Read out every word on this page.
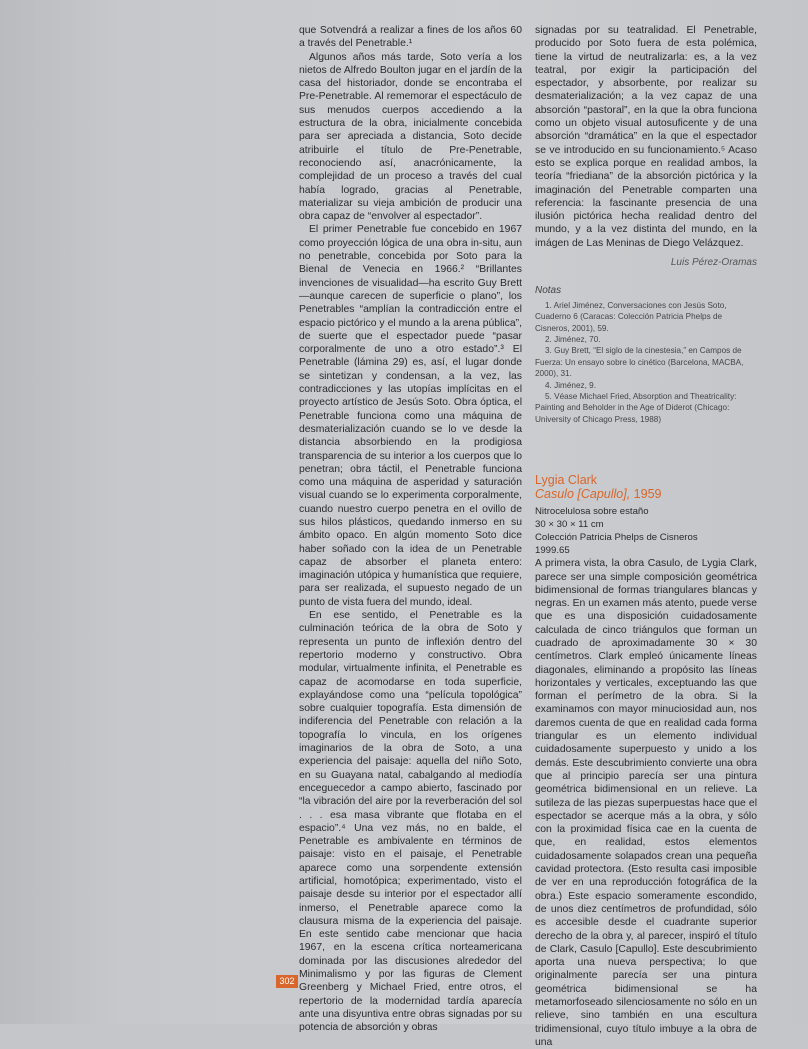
que Sotvendrá a realizar a fines de los años 60 a través del Penetrable.¹

Algunos años más tarde, Soto vería a los nietos de Alfredo Boulton jugar en el jardín de la casa del historiador, donde se encontraba el Pre-Penetrable. Al rememorar el espectáculo de sus menudos cuerpos accediendo a la estructura de la obra, inicialmente concebida para ser apreciada a distancia, Soto decide atribuirle el título de Pre-Penetrable, reconociendo así, anacrónicamente, la complejidad de un proceso a través del cual había logrado, gracias al Penetrable, materializar su vieja ambición de producir una obra capaz de “envolver al espectador”.

El primer Penetrable fue concebido en 1967 como proyección lógica de una obra in-situ, aun no penetrable, concebida por Soto para la Bienal de Venecia en 1966.² “Brillantes invenciones de visualidad—ha escrito Guy Brett—aunque carecen de superficie o plano”, los Penetrables “amplían la contradicción entre el espacio pictórico y el mundo a la arena pública”, de suerte que el espectador puede “pasar corporalmente de uno a otro estado”.³ El Penetrable (lámina 29) es, así, el lugar donde se sintetizan y condensan, a la vez, las contradicciones y las utopías implícitas en el proyecto artístico de Jesús Soto. Obra óptica, el Penetrable funciona como una máquina de desmaterialización cuando se lo ve desde la distancia absorbiendo en la prodigiosa transparencia de su interior a los cuerpos que lo penetran; obra táctil, el Penetrable funciona como una máquina de asperidad y saturación visual cuando se lo experimenta corporalmente, cuando nuestro cuerpo penetra en el ovillo de sus hilos plásticos, quedando inmerso en su ámbito opaco. En algún momento Soto dice haber soñado con la idea de un Penetrable capaz de absorber el planeta entero: imaginación utópica y humanística que requiere, para ser realizada, el supuesto negado de un punto de vista fuera del mundo, ideal.

En ese sentido, el Penetrable es la culminación teórica de la obra de Soto y representa un punto de inflexión dentro del repertorio moderno y constructivo. Obra modular, virtualmente infinita, el Penetrable es capaz de acomodarse en toda superficie, explayándose como una “película topológica” sobre cualquier topografía. Esta dimensión de indiferencia del Penetrable con relación a la topografía lo vincula, en los orígenes imaginarios de la obra de Soto, a una experiencia del paisaje: aquella del niño Soto, en su Guayana natal, cabalgando al mediodía enceguecedor a campo abierto, fascinado por “la vibración del aire por la reverberación del sol . . . esa masa vibrante que flotaba en el espacio”.⁴ Una vez más, no en balde, el Penetrable es ambivalente en términos de paisaje: visto en el paisaje, el Penetrable aparece como una sorpendente extensión artificial, homotópica; experimentado, visto el paisaje desde su interior por el espectador allí inmerso, el Penetrable aparece como la clausura misma de la experiencia del paisaje. En este sentido cabe mencionar que hacia 1967, en la escena crítica norteamericana dominada por las discusiones alrededor del Minimalismo y por las figuras de Clement Greenberg y Michael Fried, entre otros, el repertorio de la modernidad tardía aparecía ante una disyuntiva entre obras signadas por su potencia de absorción y obras

signadas por su teatralidad. El Penetrable, producido por Soto fuera de esta polémica, tiene la virtud de neutralizarla: es, a la vez teatral, por exigir la participación del espectador, y absorbente, por realizar su desmaterialización; a la vez capaz de una absorción “pastoral”, en la que la obra funciona como un objeto visual autosuficente y de una absorción “dramática” en la que el espectador se ve introducido en su funcionamiento.⁵ Acaso esto se explica porque en realidad ambos, la teoría “friediana” de la absorción pictórica y la imaginación del Penetrable comparten una referencia: la fascinante presencia de una ilusión pictórica hecha realidad dentro del mundo, y a la vez distinta del mundo, en la imágen de Las Meninas de Diego Velázquez.

Luis Pérez-Oramas
Notas

1. Ariel Jiménez, Conversaciones con Jesús Soto, Cuaderno 6 (Caracas: Colección Patricia Phelps de Cisneros, 2001), 59.

2. Jiménez, 70.

3. Guy Brett, “El siglo de la cinestesia,” en Campos de Fuerza: Un ensayo sobre lo cinético (Barcelona, MACBA, 2000), 31.

4. Jiménez, 9.

5. Véase Michael Fried, Absorption and Theatricality: Painting and Beholder in the Age of Diderot (Chicago: University of Chicago Press, 1988)

Lygia Clark
Casulo [Capullo], 1959
Nitrocelulosa sobre estaño
30 × 30 × 11 cm
Colección Patricia Phelps de Cisneros
1999.65

A primera vista, la obra Casulo, de Lygia Clark, parece ser una simple composición geométrica bidimensional de formas triangulares blancas y negras. En un examen más atento, puede verse que es una disposición cuidadosamente calculada de cinco triángulos que forman un cuadrado de aproximadamente 30 × 30 centímetros. Clark empleó únicamente líneas diagonales, eliminando a propósito las líneas horizontales y verticales, exceptuando las que forman el perímetro de la obra. Si la examinamos con mayor minuciosidad aun, nos daremos cuenta de que en realidad cada forma triangular es un elemento individual cuidadosamente superpuesto y unido a los demás. Este descubrimiento convierte una obra que al principio parecía ser una pintura geométrica bidimensional en un relieve. La sutileza de las piezas superpuestas hace que el espectador se acerque más a la obra, y sólo con la proximidad física cae en la cuenta de que, en realidad, estos elementos cuidadosamente solapados crean una pequeña cavidad protectora. (Esto resulta casi imposible de ver en una reproducción fotográfica de la obra.) Este espacio someramente escondido, de unos diez centímetros de profundidad, sólo es accesible desde el cuadrante superior derecho de la obra y, al parecer, inspiró el título de Clark, Casulo [Capullo]. Este descubrimiento aporta una nueva perspectiva; lo que originalmente parecía ser una pintura geométrica bidimensional se ha metamorfoseado silenciosamente no sólo en un relieve, sino también en una escultura tridimensional, cuyo título imbuye a la obra de una

302
